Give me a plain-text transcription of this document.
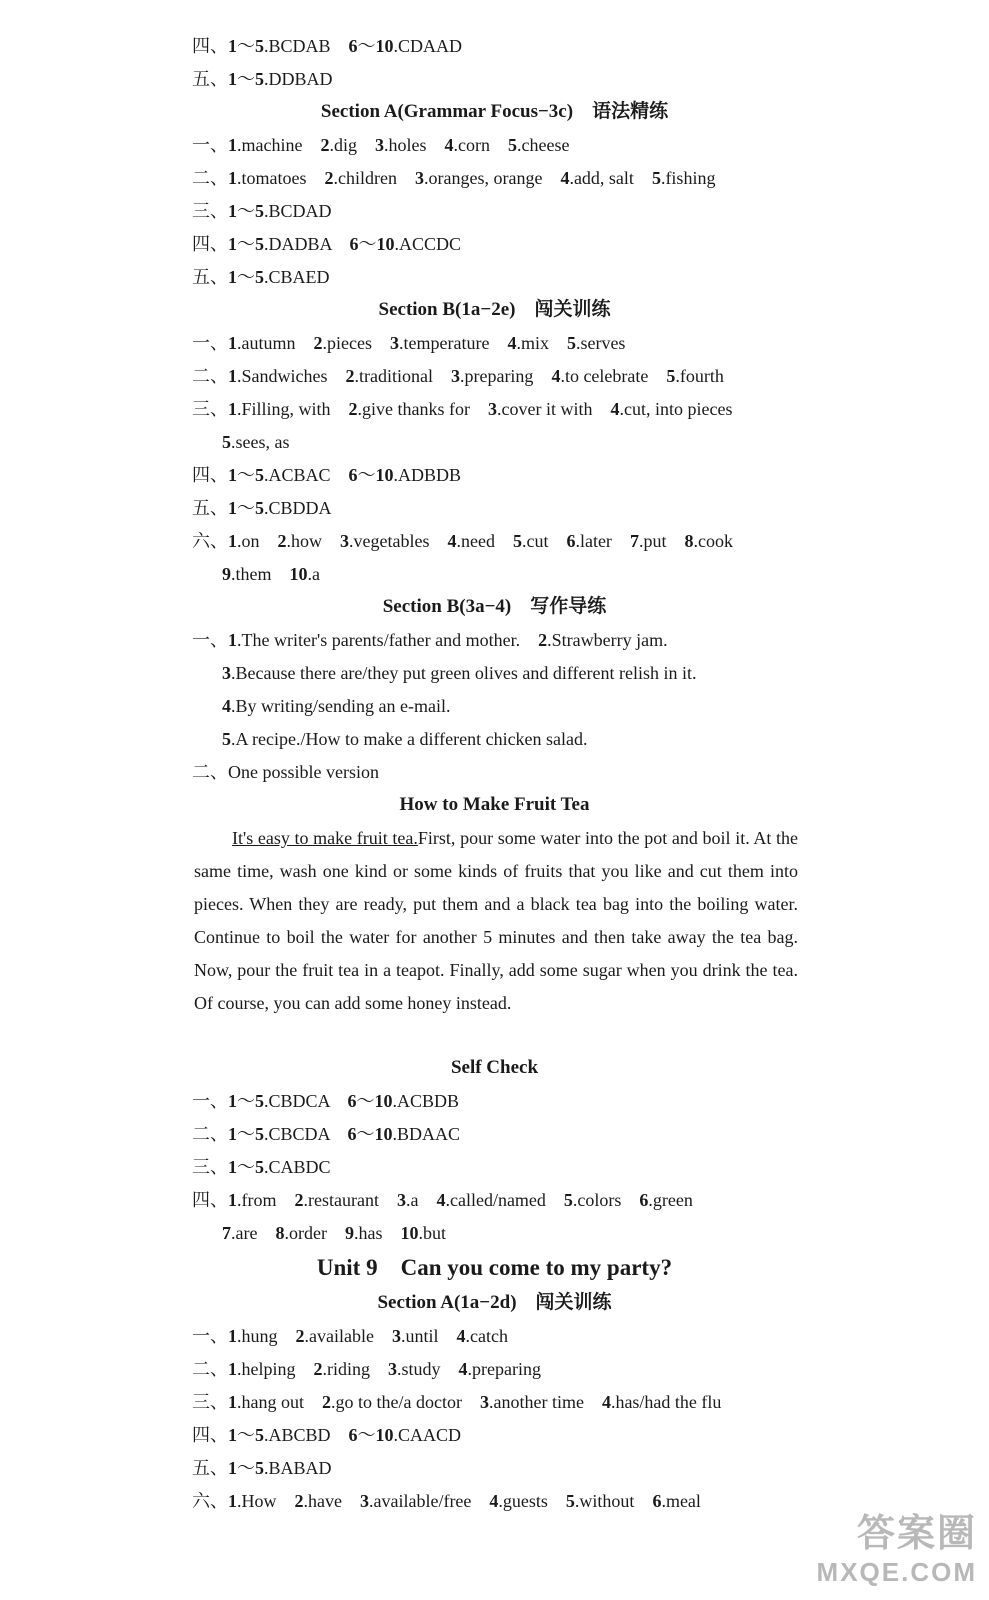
四、1～5.BCDAB　6～10.CDAAD
五、1～5.DDBAD
Section A(Grammar Focus−3c)　语法精练
一、1.machine　2.dig　3.holes　4.corn　5.cheese
二、1.tomatoes　2.children　3.oranges, orange　4.add, salt　5.fishing
三、1～5.BCDAD
四、1～5.DADBA　6～10.ACCDC
五、1～5.CBAED
Section B(1a−2e)　闯关训练
一、1.autumn　2.pieces　3.temperature　4.mix　5.serves
二、1.Sandwiches　2.traditional　3.preparing　4.to celebrate　5.fourth
三、1.Filling, with　2.give thanks for　3.cover it with　4.cut, into pieces
5.sees, as
四、1～5.ACBAC　6～10.ADBDB
五、1～5.CBDDA
六、1.on　2.how　3.vegetables　4.need　5.cut　6.later　7.put　8.cook
9.them　10.a
Section B(3a−4)　写作导练
一、1.The writer's parents/father and mother.　2.Strawberry jam.
3.Because there are/they put green olives and different relish in it.
4.By writing/sending an e-mail.
5.A recipe./How to make a different chicken salad.
二、One possible version
How to Make Fruit Tea
It's easy to make fruit tea.First, pour some water into the pot and boil it. At the same time, wash one kind or some kinds of fruits that you like and cut them into pieces. When they are ready, put them and a black tea bag into the boiling water. Continue to boil the water for another 5 minutes and then take away the tea bag. Now, pour the fruit tea in a teapot. Finally, add some sugar when you drink the tea. Of course, you can add some honey instead.
Self Check
一、1～5.CBDCA　6～10.ACBDB
二、1～5.CBCDA　6～10.BDAAC
三、1～5.CABDC
四、1.from　2.restaurant　3.a　4.called/named　5.colors　6.green
7.are　8.order　9.has　10.but
Unit 9　Can you come to my party?
Section A(1a−2d)　闯关训练
一、1.hung　2.available　3.until　4.catch
二、1.helping　2.riding　3.study　4.preparing
三、1.hang out　2.go to the/a doctor　3.another time　4.has/had the flu
四、1～5.ABCBD　6～10.CAACD
五、1～5.BABAD
六、1.How　2.have　3.available/free　4.guests　5.without　6.meal
答案圈
MXQE.COM
